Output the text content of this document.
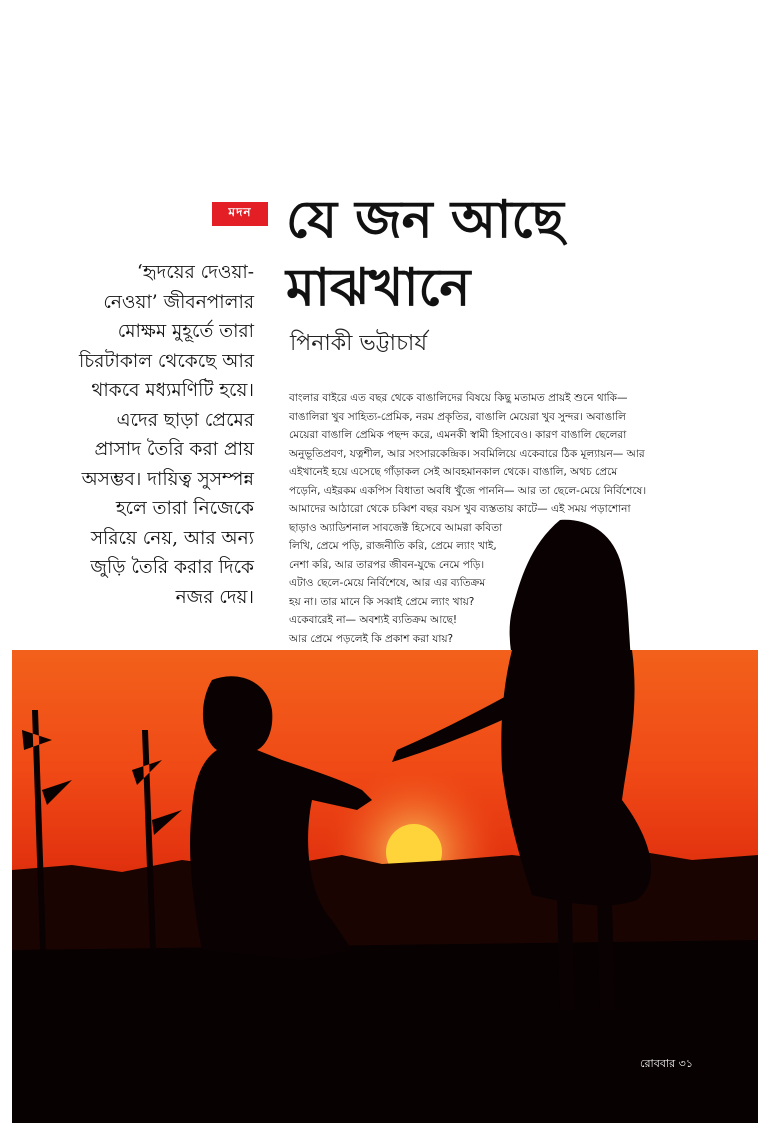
মদন যে জন আছে
মাঝখানে
পিনাকী ভট্টাচার্য
‘হৃদয়ের দেওয়া-
নেওয়া’ জীবনপালার
মোক্ষম মুহূর্তে তারা
চিরটাকাল থেকেছে আর
থাকবে মধ্যমণিটি হয়ে।
এদের ছাড়া প্রেমের
প্রাসাদ তৈরি করা প্রায়
অসম্ভব। দায়িত্ব সুসম্পন্ন
হলে তারা নিজেকে
সরিয়ে নেয়, আর অন্য
জুড়ি তৈরি করার দিকে
নজর দেয়।
বাংলার বাইরে এত বছর থেকে বাঙালিদের বিষয়ে কিছু মতামত প্রায়ই শুনে থাকি—
বাঙালিরা খুব সাহিত্য-প্রেমিক, নরম প্রকৃতির, বাঙালি মেয়েরা খুব সুন্দর। অবাঙালি
মেয়েরা বাঙালি প্রেমিক পছন্দ করে, এমনকী স্বামী হিসাবেও। কারণ বাঙালি ছেলেরা
অনুভূতিপ্রবণ, যত্নশীল, আর সংসারকেন্দ্রিক। সবমিলিয়ে একেবারে ঠিক মূল্যায়ন— আর
এইখানেই হয়ে এসেছে গাঁড়াকল সেই আবহমানকাল থেকে। বাঙালি, অথচ প্রেমে
পড়েনি, এইরকম একপিস বিধাতা অবধি খুঁজে পাননি— আর তা ছেলে-মেয়ে নির্বিশেষে।
আমাদের আঠারো থেকে চব্বিশ বছর বয়স খুব ব্যস্ততায় কাটে— এই সময় পড়াশোনা
ছাড়াও অ্যাডিশনাল সাবজেক্ট হিসেবে আমরা কবিতা
লিখি, প্রেমে পড়ি, রাজনীতি করি, প্রেমে ল্যাং খাই,
নেশা করি, আর তারপর জীবন-যুদ্ধে নেমে পড়ি।
এটাও ছেলে-মেয়ে নির্বিশেষে, আর এর ব্যতিক্রম
হয় না। তার মানে কি সব্বাই প্রেমে ল্যাং খায়?
একেবারেই না— অবশ্যই ব্যতিক্রম আছে!
আর প্রেমে পড়লেই কি প্রকাশ করা যায়?
রোববার ৩১
